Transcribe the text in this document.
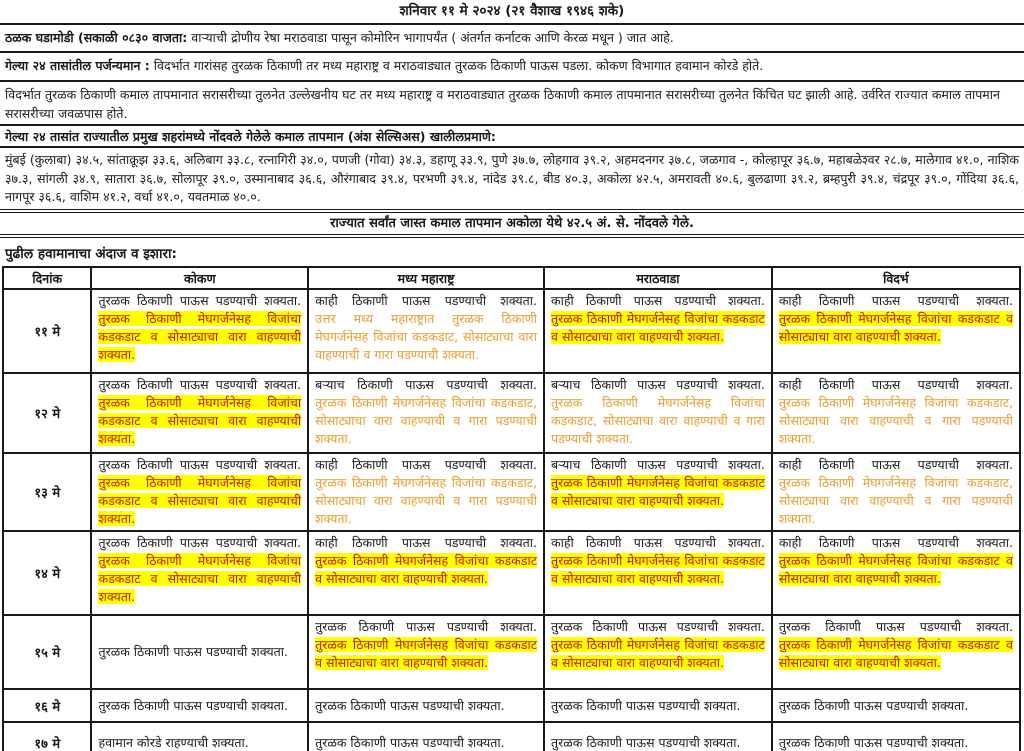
शनिवार ११ मे २०२४ (२१ वैशाख १९४६ शके)
ठळक घडामोडी (सकाळी ०८३० वाजता: वाऱ्याची द्रोणीय रेषा मराठवाडा पासून कोमोरिन भागापर्यंत ( अंतर्गत कर्नाटक आणि केरळ मधून ) जात आहे.
गेल्या २४ तासांतील पर्जन्यमान : विदर्भात गारांसह तुरळक ठिकाणी तर मध्य महाराष्ट्र व मराठवाड्यात तुरळक ठिकाणी पाऊस पडला. कोकण विभागात हवामान कोरडे होते.
विदर्भात तुरळक ठिकाणी कमाल तापमानात सरासरीच्या तुलनेत उल्लेखनीय घट तर मध्य महाराष्ट्र व मराठवाड्यात तुरळक ठिकाणी कमाल तापमानात सरासरीच्या तुलनेत किंचित घट झाली आहे. उर्वरित राज्यात कमाल तापमान सरासरीच्या जवळपास होते.
गेल्या २४ तासांत राज्यातील प्रमुख शहरांमध्ये नोंदवले गेलेले कमाल तापमान (अंश सेल्सिअस) खालीलप्रमाणे:
मुंबई (कुलाबा) ३४.५, सांताक्रूझ ३३.६, अलिबाग ३३.८, रत्नागिरी ३४.०, पणजी (गोवा) ३४.३, डहाणू ३३.९, पुणे ३७.७, लोहगाव ३९.२, अहमदनगर ३७.८, जळगाव -, कोल्हापूर ३६.७, महाबळेश्वर २८.७, मालेगाव ४१.०, नाशिक ३७.३, सांगली ३४.९, सातारा ३६.७, सोलापूर ३९.०, उस्मानाबाद ३६.६, औरंगाबाद ३९.४, परभणी ३९.४, नांदेड ३९.८, बीड ४०.३, अकोला ४२.५, अमरावती ४०.६, बुलढाणा ३९.२, ब्रम्हपुरी ३९.४, चंद्रपूर ३९.०, गोंदिया ३६.६, नागपूर ३६.६, वाशिम ४१.२, वर्धा ४१.०, यवतमाळ ४०.०.
राज्यात सर्वांत जास्त कमाल तापमान अकोला येथे ४२.५ अं. से. नोंदवले गेले.
पुढील हवामानाचा अंदाज व इशारा:
दिनांक	कोकण	मध्य महाराष्ट्र	मराठवाडा	विदर्भ
११ मे	तुरळक ठिकाणी पाऊस पडण्याची शक्यता.
तुरळक ठिकाणी मेघगर्जनेसह विजांचा कडकडाट व सोसाट्याचा वारा वाहण्याची शक्यता.	काही ठिकाणी पाऊस पडण्याची शक्यता.
उत्तर मध्य महाराष्ट्रात तुरळक ठिकाणी मेघगर्जनेसह विजांचा कडकडाट, सोसाट्याचा वारा वाहण्याची व गारा पडण्याची शक्यता.	काही ठिकाणी पाऊस पडण्याची शक्यता.
तुरळक ठिकाणी मेघगर्जनेसह विजांचा कडकडाट व सोसाट्याचा वारा वाहण्याची शक्यता.	काही ठिकाणी पाऊस पडण्याची शक्यता.
तुरळक ठिकाणी मेघगर्जनेसह विजांचा कडकडाट व सोसाट्याचा वारा वाहण्याची शक्यता.

१२ मे	तुरळक ठिकाणी पाऊस पडण्याची शक्यता.
तुरळक ठिकाणी मेघगर्जनेसह विजांचा कडकडाट व सोसाट्याचा वारा वाहण्याची शक्यता.	बऱ्याच ठिकाणी पाऊस पडण्याची शक्यता.
तुरळक ठिकाणी मेघगर्जनेसह विजांचा कडकडाट, सोसाट्याचा वारा वाहण्याची व गारा पडण्याची शक्यता.	बऱ्याच ठिकाणी पाऊस पडण्याची शक्यता.
तुरळक ठिकाणी मेघगर्जनेसह विजांचा कडकडाट, सोसाट्याचा वारा वाहण्याची व गारा पडण्याची शक्यता.	काही ठिकाणी पाऊस पडण्याची शक्यता.
तुरळक ठिकाणी मेघगर्जनेसह विजांचा कडकडाट, सोसाट्याचा वारा वाहण्याची व गारा पडण्याची शक्यता.

१३ मे	तुरळक ठिकाणी पाऊस पडण्याची शक्यता.
तुरळक ठिकाणी मेघगर्जनेसह विजांचा कडकडाट व सोसाट्याचा वारा वाहण्याची शक्यता.	काही ठिकाणी पाऊस पडण्याची शक्यता.
तुरळक ठिकाणी मेघगर्जनेसह विजांचा कडकडाट, सोसाट्याचा वारा वाहण्याची व गारा पडण्याची शक्यता.	बऱ्याच ठिकाणी पाऊस पडण्याची शक्यता.
तुरळक ठिकाणी मेघगर्जनेसह विजांचा कडकडाट व सोसाट्याचा वारा वाहण्याची शक्यता.	काही ठिकाणी पाऊस पडण्याची शक्यता.
तुरळक ठिकाणी मेघगर्जनेसह विजांचा कडकडाट, सोसाट्याचा वारा वाहण्याची व गारा पडण्याची शक्यता.

१४ मे	तुरळक ठिकाणी पाऊस पडण्याची शक्यता.
तुरळक ठिकाणी मेघगर्जनेसह विजांचा कडकडाट व सोसाट्याचा वारा वाहण्याची शक्यता.	काही ठिकाणी पाऊस पडण्याची शक्यता.
तुरळक ठिकाणी मेघगर्जनेसह विजांचा कडकडाट व सोसाट्याचा वारा वाहण्याची शक्यता.	काही ठिकाणी पाऊस पडण्याची शक्यता.
तुरळक ठिकाणी मेघगर्जनेसह विजांचा कडकडाट व सोसाट्याचा वारा वाहण्याची शक्यता.	काही ठिकाणी पाऊस पडण्याची शक्यता.
तुरळक ठिकाणी मेघगर्जनेसह विजांचा कडकडाट व सोसाट्याचा वारा वाहण्याची शक्यता.

१५ मे	तुरळक ठिकाणी पाऊस पडण्याची शक्यता.	तुरळक ठिकाणी पाऊस पडण्याची शक्यता.
तुरळक ठिकाणी मेघगर्जनेसह विजांचा कडकडाट व सोसाट्याचा वारा वाहण्याची शक्यता.	तुरळक ठिकाणी पाऊस पडण्याची शक्यता.
तुरळक ठिकाणी मेघगर्जनेसह विजांचा कडकडाट व सोसाट्याचा वारा वाहण्याची शक्यता.	तुरळक ठिकाणी पाऊस पडण्याची शक्यता.
तुरळक ठिकाणी मेघगर्जनेसह विजांचा कडकडाट व सोसाट्याचा वारा वाहण्याची शक्यता.

१६ मे	तुरळक ठिकाणी पाऊस पडण्याची शक्यता.	तुरळक ठिकाणी पाऊस पडण्याची शक्यता.	तुरळक ठिकाणी पाऊस पडण्याची शक्यता.	तुरळक ठिकाणी पाऊस पडण्याची शक्यता.

१७ मे	हवामान कोरडे राहण्याची शक्यता.	तुरळक ठिकाणी पाऊस पडण्याची शक्यता.	तुरळक ठिकाणी पाऊस पडण्याची शक्यता.	तुरळक ठिकाणी पाऊस पडण्याची शक्यता.
